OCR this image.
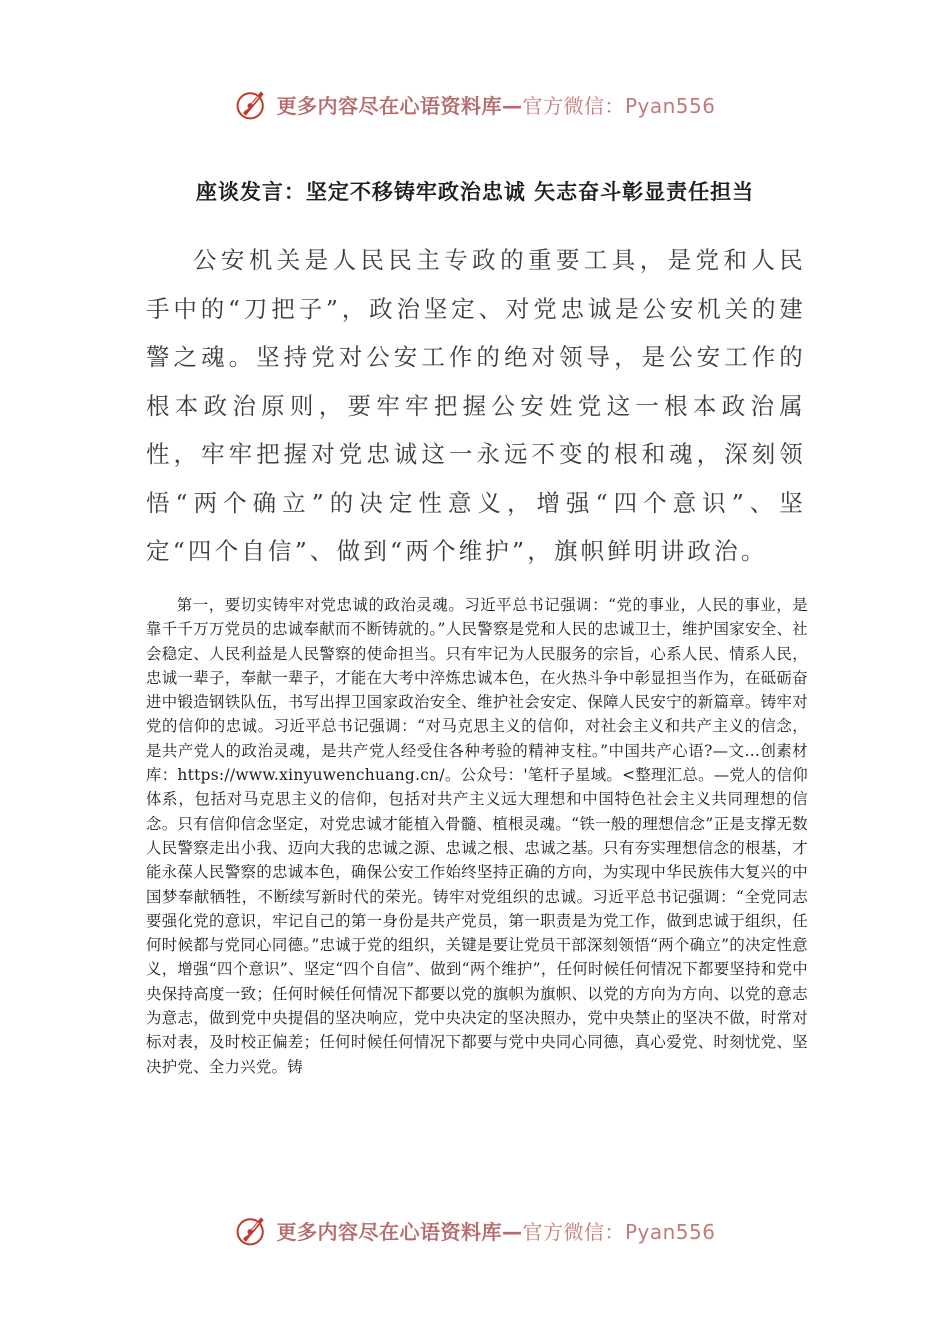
更多内容尽在心语资料库—官方微信：Pyan556
座谈发言：坚定不移铸牢政治忠诚 矢志奋斗彰显责任担当

公安机关是人民民主专政的重要工具，是党和人民手中的“刀把子”，政治坚定、对党忠诚是公安机关的建警之魂。坚持党对公安工作的绝对领导，是公安工作的根本政治原则，要牢牢把握公安姓党这一根本政治属性，牢牢把握对党忠诚这一永远不变的根和魂，深刻领悟“两个确立”的决定性意义，增强“四个意识”、坚定“四个自信”、做到“两个维护”，旗帜鲜明讲政治。

第一，要切实铸牢对党忠诚的政治灵魂。习近平总书记强调：“党的事业，人民的事业，是靠千千万万党员的忠诚奉献而不断铸就的。”人民警察是党和人民的忠诚卫士，维护国家安全、社会稳定、人民利益是人民警察的使命担当。只有牢记为人民服务的宗旨，心系人民、情系人民，忠诚一辈子，奉献一辈子，才能在大考中淬炼忠诚本色，在火热斗争中彰显担当作为，在砥砺奋进中锻造钢铁队伍，书写出捍卫国家政治安全、维护社会安定、保障人民安宁的新篇章。铸牢对党的信仰的忠诚。习近平总书记强调：“对马克思主义的信仰，对社会主义和共产主义的信念，是共产党人的政治灵魂，是共产党人经受住各种考验的精神支柱。”中国共产心语?—文…创素材库：https://www.xinyuwenchuang.cn/。公众号：'笔杆子星域。<整理汇总。—党人的信仰体系，包括对马克思主义的信仰，包括对共产主义远大理想和中国特色社会主义共同理想的信念。只有信仰信念坚定，对党忠诚才能植入骨髓、植根灵魂。“铁一般的理想信念”正是支撑无数人民警察走出小我、迈向大我的忠诚之源、忠诚之根、忠诚之基。只有夯实理想信念的根基，才能永葆人民警察的忠诚本色，确保公安工作始终坚持正确的方向，为实现中华民族伟大复兴的中国梦奉献牺牲，不断续写新时代的荣光。铸牢对党组织的忠诚。习近平总书记强调：“全党同志要强化党的意识，牢记自己的第一身份是共产党员，第一职责是为党工作，做到忠诚于组织，任何时候都与党同心同德。”忠诚于党的组织，关键是要让党员干部深刻领悟“两个确立”的决定性意义，增强“四个意识”、坚定“四个自信”、做到“两个维护”，任何时候任何情况下都要坚持和党中央保持高度一致；任何时候任何情况下都要以党的旗帜为旗帜、以党的方向为方向、以党的意志为意志，做到党中央提倡的坚决响应，党中央决定的坚决照办，党中央禁止的坚决不做，时常对标对表，及时校正偏差；任何时候任何情况下都要与党中央同心同德，真心爱党、时刻忧党、坚决护党、全力兴党。铸

更多内容尽在心语资料库—官方微信：Pyan556
